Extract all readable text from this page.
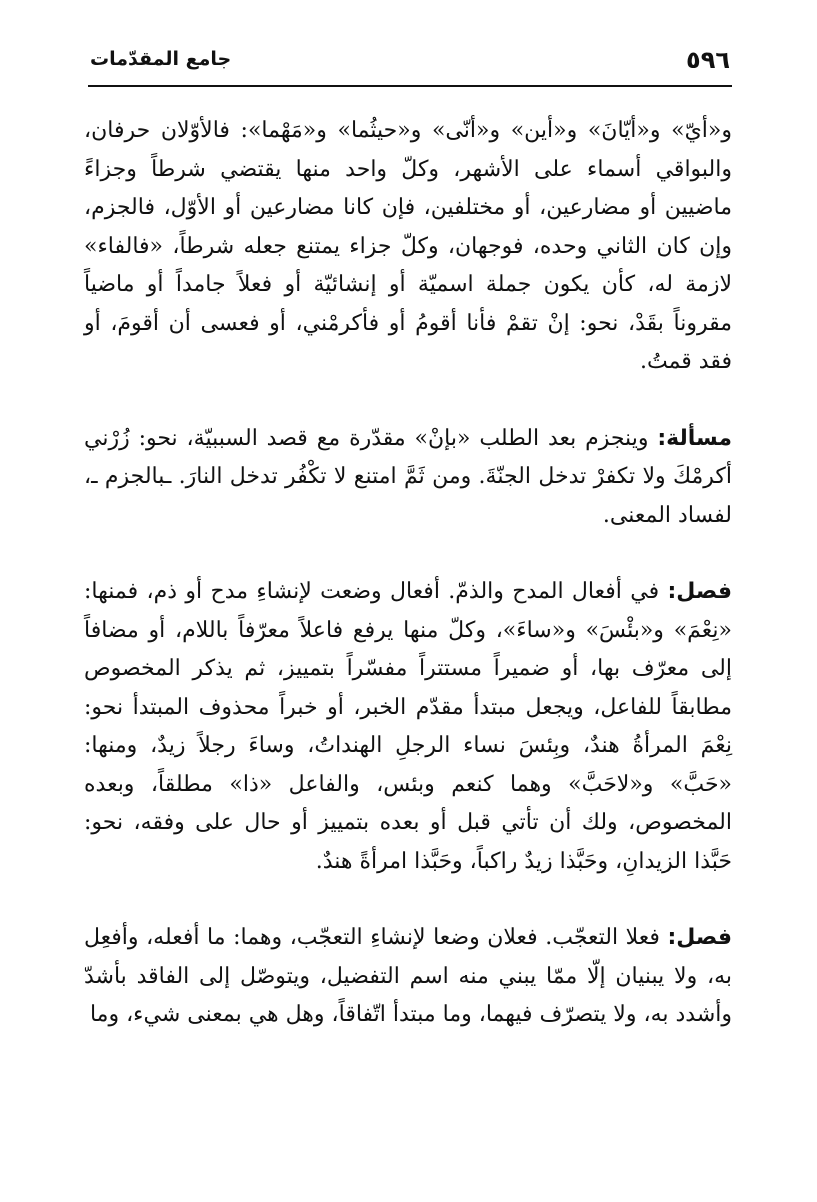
٥٩٦
جامع المقدّمات

و«أيّ» و«أيّانَ» و«أين» و«أنّى» و«حيثُما» و«مَهْما»: فالأوّلان حرفان، والبواقي أسماء على الأشهر، وكلّ واحد منها يقتضي شرطاً وجزاءً ماضيين أو مضارعين، أو مختلفين، فإن كانا مضارعين أو الأوّل، فالجزم، وإن كان الثاني وحده، فوجهان، وكلّ جزاء يمتنع جعله شرطاً، «فالفاء» لازمة له، كأن يكون جملة اسميّة أو إنشائيّة أو فعلاً جامداً أو ماضياً مقروناً بقَدْ، نحو: إنْ تقمْ فأنا أقومُ أو فأكرمْني، أو فعسى أن أقومَ، أو فقد قمتُ.

مسألة: وينجزم بعد الطلب «بإنْ» مقدّرة مع قصد السببيّة، نحو: زُرْني أكرمْكَ ولا تكفرْ تدخل الجنّةَ. ومن ثَمَّ امتنع لا تكْفُر تدخل النارَ. ـبالجزم ـ، لفساد المعنى.

فصل: في أفعال المدح والذمّ. أفعال وضعت لإنشاءِ مدح أو ذم، فمنها: «نِعْمَ» و«بئْسَ» و«ساءَ»، وكلّ منها يرفع فاعلاً معرّفاً باللام، أو مضافاً إلى معرّف بها، أو ضميراً مستتراً مفسّراً بتمييز، ثم يذكر المخصوص مطابقاً للفاعل، ويجعل مبتدأ مقدّم الخبر، أو خبراً محذوف المبتدأ نحو: نِعْمَ المرأةُ هندٌ، وبِئسَ نساء الرجلِ الهنداتُ، وساءَ رجلاً زيدٌ، ومنها: «حَبَّ» و«لاحَبَّ» وهما كنعم وبئس، والفاعل «ذا» مطلقاً، وبعده المخصوص، ولك أن تأتي قبل أو بعده بتمييز أو حال على وفقه، نحو: حَبَّذا الزيدانِ، وحَبَّذا زيدٌ راكباً، وحَبَّذا امرأةً هندٌ.

فصل: فعلا التعجّب. فعلان وضعا لإنشاءِ التعجّب، وهما: ما أفعله، وأفعِل به، ولا يبنيان إلّا ممّا يبني منه اسم التفضيل، ويتوصّل إلى الفاقد بأشدّ وأشدد به، ولا يتصرّف فيهما، وما مبتدأ اتّفاقاً، وهل هي بمعنى شيء، وما
